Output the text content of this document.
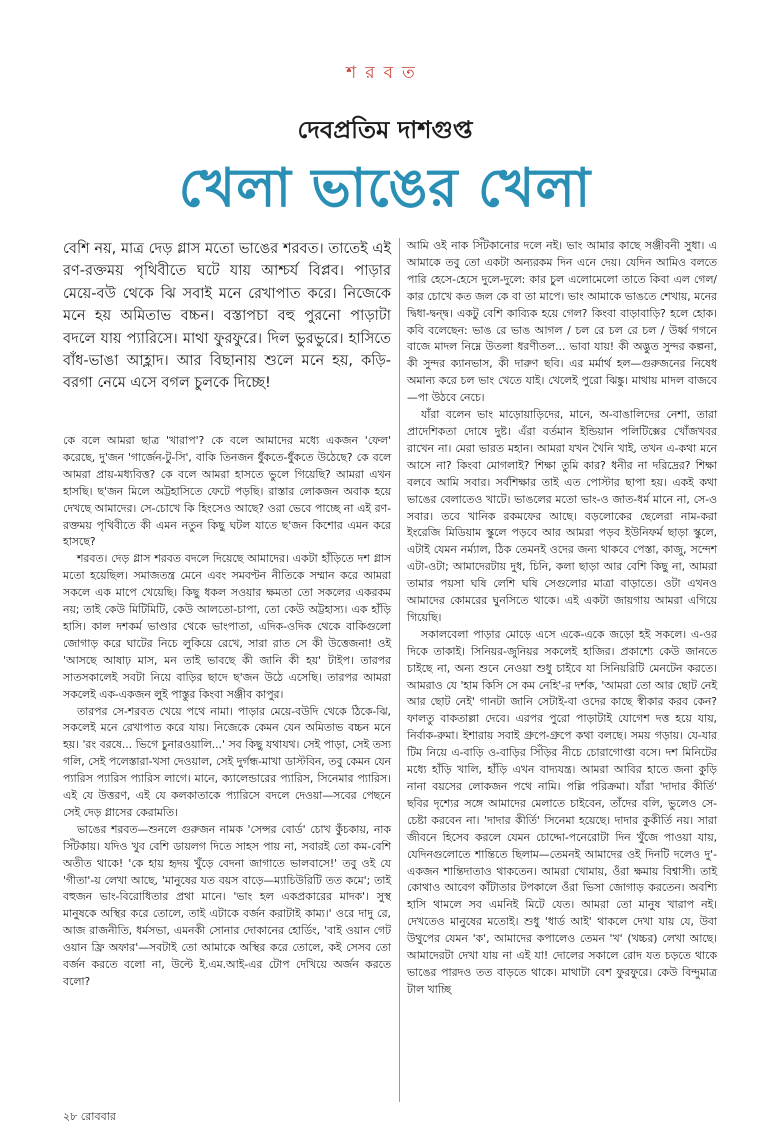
শরবত
দেবপ্রতিম দাশগুপ্ত
খেলা ভাঙের খেলা
বেশি নয়, মাত্র দেড় গ্লাস মতো ভাঙের শরবত। তাতেই এই রণ-রক্তময় পৃথিবীতে ঘটে যায় আশ্চর্য বিপ্লব। পাড়ার মেয়ে-বউ থেকে ঝি সবাই মনে রেখাপাত করে। নিজেকে মনে হয় অমিতাভ বচ্চন। বস্তাপচা বহু পুরনো পাড়াটা বদলে যায় প্যারিসে। মাথা ফুরফুরে। দিল ভুরভুরে। হাসিতে বাঁধ-ভাঙা আহ্লাদ। আর বিছানায় শুলে মনে হয়, কড়ি-বরগা নেমে এসে বগল চুলকে দিচ্ছে!

কে বলে আমরা ছাত্র 'খারাপ'? কে বলে আমাদের মধ্যে একজন 'ফেল' করেছে, দু'জন 'গার্জেন-টু-সি', বাকি তিনজন ধুঁকতে-ধুঁকতে উঠেছে? কে বলে আমরা প্রায়-মধ্যবিত্ত? কে বলে আমরা হাসতে ভুলে গিয়েছি? আমরা এখন হাসছি। ছ'জন মিলে অট্টহাসিতে ফেটে পড়ছি। রাস্তার লোকজন অবাক হয়ে দেখছে আমাদের। সে-চোখে কি হিংসেও আছে? ওরা ভেবে পাচ্ছে না এই রণ-রক্তময় পৃথিবীতে কী এমন নতুন কিছু ঘটল যাতে ছ'জন কিশোর এমন করে হাসছে?

শরবত। দেড় গ্লাস শরবত বদলে দিয়েছে আমাদের। একটা হাঁড়িতে দশ গ্লাস মতো হয়েছিল। সমাজতন্ত্র মেনে এবং সমবণ্টন নীতিকে সম্মান করে আমরা সকলে এক মাপে খেয়েছি। কিছু ধকল সওয়ার ক্ষমতা তো সকলের একরকম নয়; তাই কেউ মিটিমিটি, কেউ আলতো-চাপা, তো কেউ অট্টহাস্য। এক হাঁড়ি হাসি। কাল দশকর্ম ভাণ্ডার থেকে ভাংপাতা, এদিক-ওদিক থেকে বাকিগুলো জোগাড় করে ঘাটের নিচে লুকিয়ে রেখে, সারা রাত সে কী উত্তেজনা! ওই 'আসছে আষাঢ় মাস, মন তাই ভাবছে কী জানি কী হয়' টাইপ। তারপর সাতসকালেই সবটা নিয়ে বাড়ির ছাদে ছ'জন উঠে এসেছি। তারপর আমরা সকলেই এক-একজন লুই পাস্তুর কিংবা সঞ্জীব কাপুর।

তারপর সে-শরবত খেয়ে পথে নামা। পাড়ার মেয়ে-বউদি থেকে ঠিকে-ঝি, সকলেই মনে রেখাপাত করে যায়। নিজেকে কেমন যেন অমিতাভ বচ্চন মনে হয়। 'রং বরষে... ভিগে চুনারওয়ালি...' সব কিছু যথাযথ। সেই পাড়া, সেই তস্য গলি, সেই পলেস্তারা-খসা দেওয়াল, সেই দুর্গন্ধ-মাখা ডাস্টবিন, তবু কেমন যেন প্যারিস প্যারিস প্যারিস লাগে। মানে, ক্যালেন্ডারের প্যারিস, সিনেমার প্যারিস। এই যে উত্তরণ, এই যে কলকাতাকে প্যারিসে বদলে দেওয়া—সবের পেছনে সেই দেড় গ্লাসের কেরামতি।

ভাঙের শরবত—শুনলে গুরুজন নামক 'সেন্সর বোর্ড' চোখ কুঁচকায়, নাক সিঁটকায়। যদিও খুব বেশি ডায়লগ দিতে সাহস পায় না, সবারই তো কম-বেশি অতীত থাকে! 'কে হায় হৃদয় খুঁড়ে বেদনা জাগাতে ভালবাসে!' তবু ওই যে 'গীতা'-য় লেখা আছে, 'মানুষের যত বয়স বাড়ে—ম্যাচিউরিটি তত কমে'; তাই বহুজন ভাং-বিরোধিতার প্রথা মানে। 'ভাং হল একপ্রকারের মাদক'। সুস্থ মানুষকে অস্থির করে তোলে, তাই এটাকে বর্জন করাটাই কাম্য।' ওরে দাদু রে, আজ রাজনীতি, ধর্মসভা, এমনকী সোনার দোকানের হোর্ডিং, 'বাই ওয়ান গেট ওয়ান ফ্রি অফার'—সবটাই তো আমাকে অস্থির করে তোলে, কই সেসব তো বর্জন করতে বলো না, উল্টে ই.এম.আই-এর টোপ দেখিয়ে অর্জন করতে বলো?

আমি ওই নাক সিঁটকানোর দলে নই। ভাং আমার কাছে সঞ্জীবনী সুধা। এ আমাকে তবু তো একটা অন্যরকম দিন এনে দেয়। যেদিন আমিও বলতে পারি হেসে-হেসে দুলে-দুলে: কার চুল এলোমেলো তাতে কিবা এল গেল/কার চোখে কত জল কে বা তা মাপে। ভাং আমাকে ভাঙতে শেখায়, মনের দ্বিধা-দ্বন্দ্ব। একটু বেশি কাব্যিক হয়ে গেল? কিংবা বাড়াবাড়ি? হলে হোক। কবি বলেছেন: ভাঙ রে ভাঙ আগল / চল রে চল রে চল / উর্ধ্ব গগনে বাজে মাদল নিম্নে উতলা ধরণীতল... ভাবা যায়! কী অদ্ভুত সুন্দর কল্পনা, কী সুন্দর ক্যানভাস, কী দারুণ ছবি। এর মর্মার্থ হল—গুরুজনের নিষেধ অমান্য করে চল ভাং খেতে যাই। খেলেই পুরো ঝিঙ্কু। মাথায় মাদল বাজবে—পা উঠবে নেচে।

যাঁরা বলেন ভাং মাড়োয়াড়িদের, মানে, অ-বাঙালিদের নেশা, তারা প্রাদেশিকতা দোষে দুষ্ট। এঁরা বর্তমান ইন্ডিয়ান পলিটিক্সের খোঁজখবর রাখেন না। মেরা ভারত মহান। আমরা যখন খৈনি খাই, তখন এ-কথা মনে আসে না? কিংবা মোগলাই? শিক্ষা তুমি কার? ধনীর না দরিদ্রের? শিক্ষা বলবে আমি সবার। সর্বশিক্ষার তাই এত পোস্টার ছাপা হয়। একই কথা ভাঙের বেলাতেও খাটে। ভাঙলের মতো ভাং-ও জাত-ধর্ম মানে না, সে-ও সবার। তবে খানিক রকমফের আছে। বড়লোকের ছেলেরা নাম-করা ইংরেজি মিডিয়াম স্কুলে পড়বে আর আমরা পড়ব ইউনিফর্ম ছাড়া স্কুলে, এটাই যেমন নর্ম্যাল, ঠিক তেমনই ওদের জন্য থাকবে পেস্তা, কাজু, সন্দেশ এটা-ওটা; আমাদেরটায় দুধ, চিনি, কলা ছাড়া আর বেশি কিছু না, আমরা তামার পয়সা ঘষি লেশি ঘষি সেগুলোর মাত্রা বাড়াতে। ওটা এখনও আমাদের কোমরের ঘুনসিতে থাকে। এই একটা জায়গায় আমরা এগিয়ে গিয়েছি।

সকালবেলা পাড়ার মোড়ে এসে একে-একে জড়ো হই সকলে। এ-ওর দিকে তাকাই। সিনিয়র-জুনিয়র সকলেই হাজির। প্রকাশ্যে কেউ জানতে চাইছে না, অন্য শুনে নেওয়া শুধু চাইবে যা সিনিয়রিটি মেনটেন করতে। আমরাও যে 'হাম কিসি সে কম নেহি'-র দর্শক, 'আমরা তো আর ছোট নেই আর ছোট নেই' গানটা জানি সেটাই-বা ওদের কাছে স্বীকার করব কেন? ফালতু বাকতাল্লা দেবে। এরপর পুরো পাড়াটাই যোগেশ দত্ত হয়ে যায়, নির্বাক-রুমা। ইশারায় সবাই গ্রুপে-গ্রুপে কথা বলছে। সময় গড়ায়। যে-যার টিম নিয়ে এ-বাড়ি ও-বাড়ির সিঁড়ির নীচে চোরাগোপ্তা বসে। দশ মিনিটের মধ্যে হাঁড়ি খালি, হাঁড়ি এখন বাদ্যযন্ত্র। আমরা আবির হাতে জনা কুড়ি নানা বয়সের লোকজন পথে নামি। পল্লি পরিক্রমা। যাঁরা 'দাদার কীর্তি' ছবির দৃশ্যের সঙ্গে আমাদের মেলাতে চাইবেন, তাঁদের বলি, ভুলেও সে-চেষ্টা করবেন না। 'দাদার কীর্তি' সিনেমা হয়েছে। দাদার কুকীর্তি নয়। সারা জীবনে হিসেব করলে যেমন চোদ্দো-পনেরোটা দিন খুঁজে পাওয়া যায়, যেদিনগুলোতে শান্তিতে ছিলাম—তেমনই আমাদের ওই দিনটি দলেও দু'-একজন শান্তিদাতাও থাকতেন। আমরা খোমায়, ওঁরা ক্ষমায় বিশ্বাসী। তাই কোথাও আবেগ কাঁটাতার টপকালে ওঁরা ভিসা জোগাড় করতেন। অবশ্যি হাসি থামলে সব এমনিই মিটে যেত। আমরা তো মানুষ খারাপ নই। দেখতেও মানুষের মতোই। শুধু 'ধার্ড আই' থাকলে দেখা যায় যে, উবা উথুপের যেমন 'ক', আমাদের কপালেও তেমন 'খ' (খচ্চর) লেখা আছে। আমাদেরটা দেখা যায় না এই যা! দোলের সকালে রোদ যত চড়তে থাকে ভাঙের পারদও তত বাড়তে থাকে। মাথাটা বেশ ফুরফুরে। কেউ বিন্দুমাত্র টাল খাচ্ছি

২৮ রোববার
